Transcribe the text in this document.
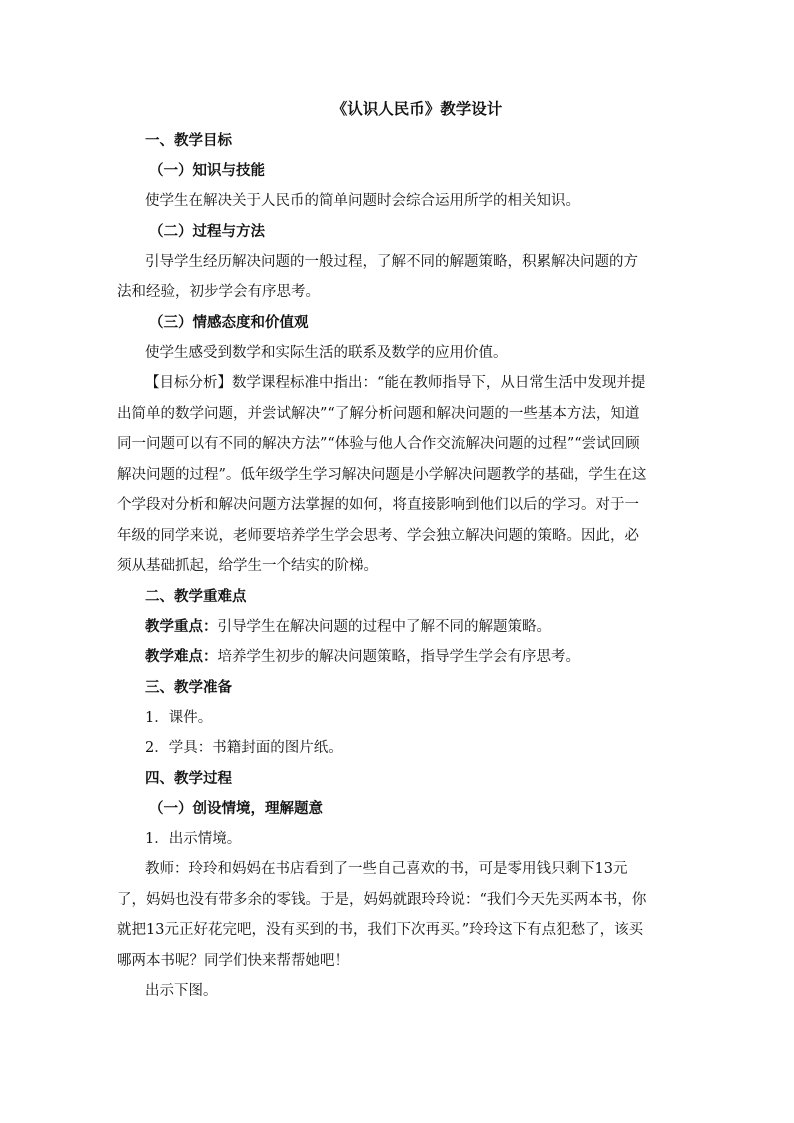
《认识人民币》教学设计
一、教学目标
（一）知识与技能
使学生在解决关于人民币的简单问题时会综合运用所学的相关知识。
（二）过程与方法
引导学生经历解决问题的一般过程，了解不同的解题策略，积累解决问题的方法和经验，初步学会有序思考。
（三）情感态度和价值观
使学生感受到数学和实际生活的联系及数学的应用价值。
【目标分析】数学课程标准中指出：“能在教师指导下，从日常生活中发现并提出简单的数学问题，并尝试解决”“了解分析问题和解决问题的一些基本方法，知道同一问题可以有不同的解决方法”“体验与他人合作交流解决问题的过程”“尝试回顾解决问题的过程”。低年级学生学习解决问题是小学解决问题教学的基础，学生在这个学段对分析和解决问题方法掌握的如何，将直接影响到他们以后的学习。对于一年级的同学来说，老师要培养学生学会思考、学会独立解决问题的策略。因此，必须从基础抓起，给学生一个结实的阶梯。
二、教学重难点
教学重点：引导学生在解决问题的过程中了解不同的解题策略。
教学难点：培养学生初步的解决问题策略，指导学生学会有序思考。
三、教学准备
1．课件。
2．学具：书籍封面的图片纸。
四、教学过程
（一）创设情境，理解题意
1．出示情境。
教师：玲玲和妈妈在书店看到了一些自己喜欢的书，可是零用钱只剩下13元了，妈妈也没有带多余的零钱。于是，妈妈就跟玲玲说：“我们今天先买两本书，你就把13元正好花完吧，没有买到的书，我们下次再买。”玲玲这下有点犯愁了，该买哪两本书呢？同学们快来帮帮她吧！
出示下图。
